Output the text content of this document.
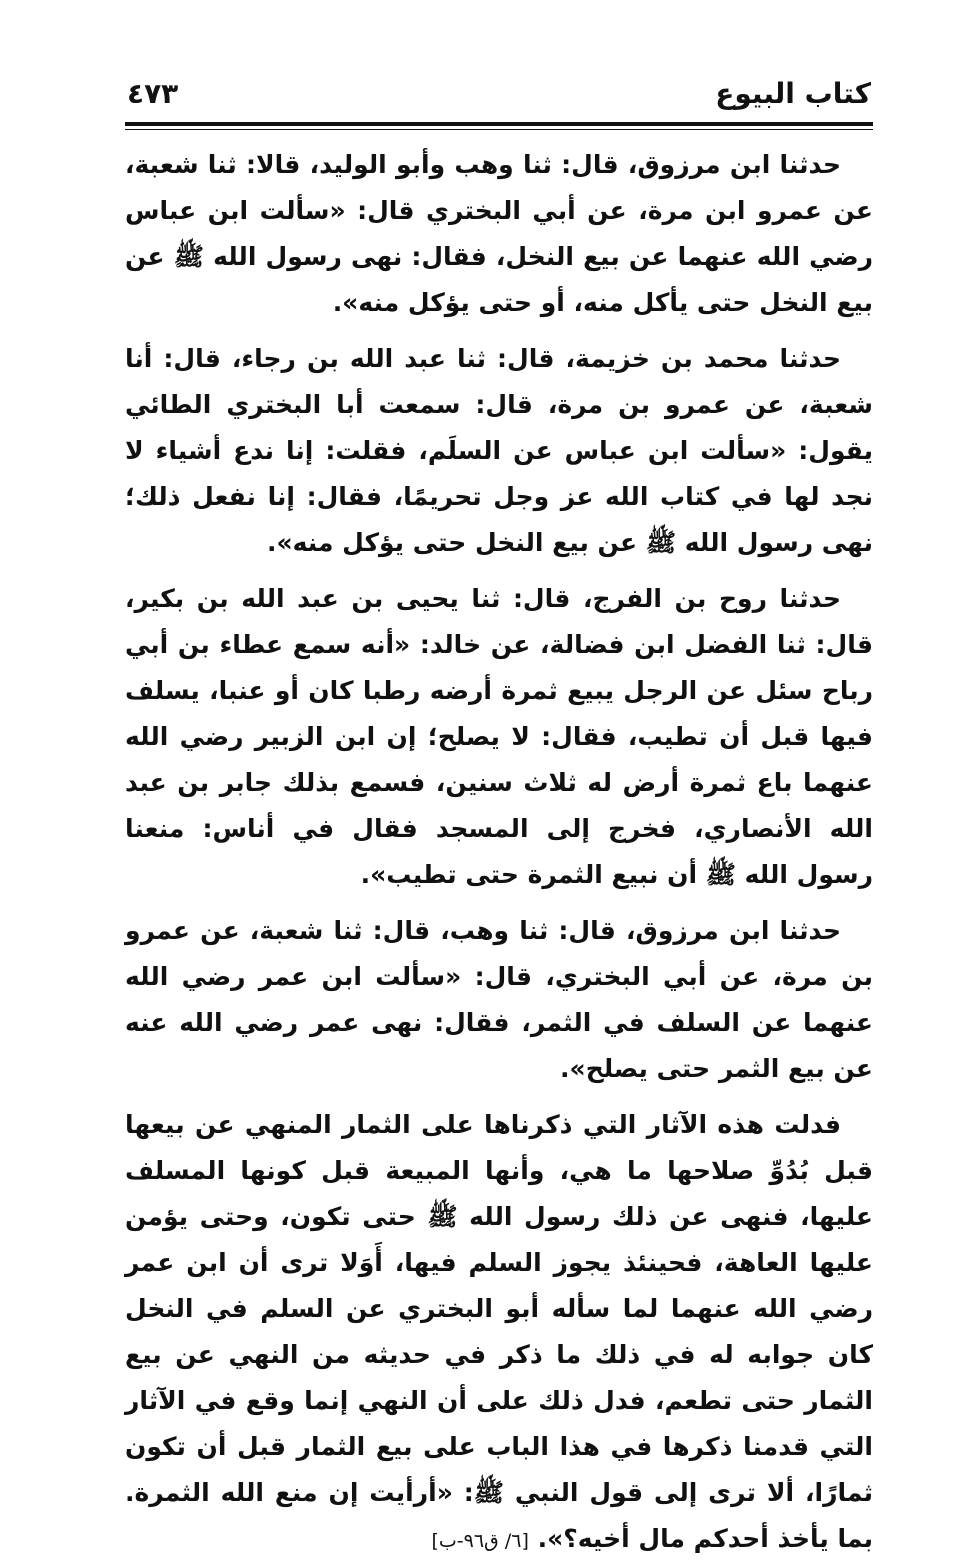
كتاب البيوع
٤٧٣

حدثنا ابن مرزوق، قال: ثنا وهب وأبو الوليد، قالا: ثنا شعبة، عن عمرو ابن مرة، عن أبي البختري قال: «سألت ابن عباس رضي الله عنهما عن بيع النخل، فقال: نهى رسول الله ﷺ عن بيع النخل حتى يأكل منه، أو حتى يؤكل منه».

حدثنا محمد بن خزيمة، قال: ثنا عبد الله بن رجاء، قال: أنا شعبة، عن عمرو بن مرة، قال: سمعت أبا البختري الطائي يقول: «سألت ابن عباس عن السلَم، فقلت: إنا ندع أشياء لا نجد لها في كتاب الله عز وجل تحريمًا، فقال: إنا نفعل ذلك؛ نهى رسول الله ﷺ عن بيع النخل حتى يؤكل منه».

حدثنا روح بن الفرج، قال: ثنا يحيى بن عبد الله بن بكير، قال: ثنا الفضل ابن فضالة، عن خالد: «أنه سمع عطاء بن أبي رباح سئل عن الرجل يبيع ثمرة أرضه رطبا كان أو عنبا، يسلف فيها قبل أن تطيب، فقال: لا يصلح؛ إن ابن الزبير رضي الله عنهما باع ثمرة أرض له ثلاث سنين، فسمع بذلك جابر بن عبد الله الأنصاري، فخرج إلى المسجد فقال في أناس: منعنا رسول الله ﷺ أن نبيع الثمرة حتى تطيب».

حدثنا ابن مرزوق، قال: ثنا وهب، قال: ثنا شعبة، عن عمرو بن مرة، عن أبي البختري، قال: «سألت ابن عمر رضي الله عنهما عن السلف في الثمر، فقال: نهى عمر رضي الله عنه عن بيع الثمر حتى يصلح».

فدلت هذه الآثار التي ذكرناها على الثمار المنهي عن بيعها قبل بُدُوِّ صلاحها ما هي، وأنها المبيعة قبل كونها المسلف عليها، فنهى عن ذلك رسول الله ﷺ حتى تكون، وحتى يؤمن عليها العاهة، فحينئذ يجوز السلم فيها، أَوَلا ترى أن ابن عمر رضي الله عنهما لما سأله أبو البختري عن السلم في النخل كان جوابه له في ذلك ما ذكر في حديثه من النهي عن بيع الثمار حتى تطعم، فدل ذلك على أن النهي إنما وقع في الآثار التي قدمنا ذكرها في هذا الباب على بيع الثمار قبل أن تكون ثمارًا، ألا ترى إلى قول النبي ﷺ: «أرأيت إن منع الله الثمرة. بما يأخذ أحدكم مال أخيه؟». [٦/ ق٩٦-ب]
